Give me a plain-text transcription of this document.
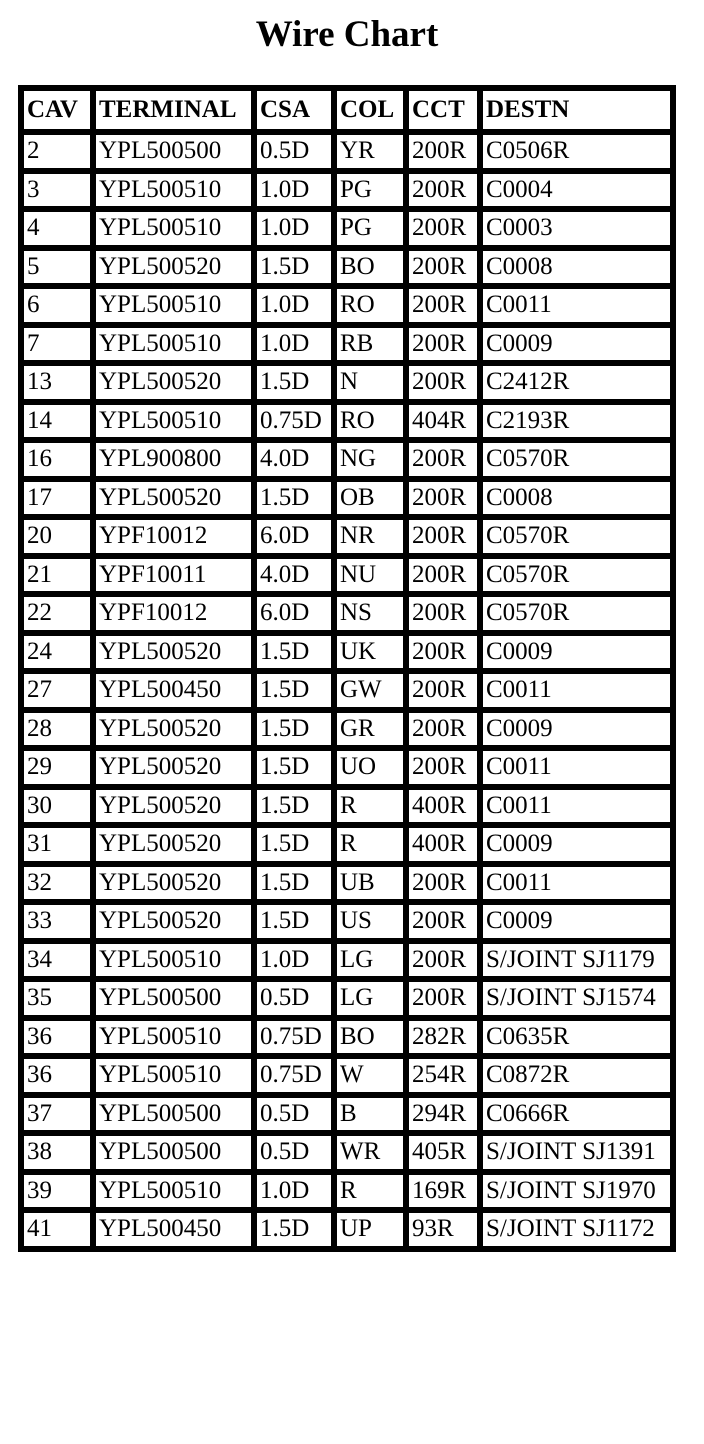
Wire Chart
CAV	TERMINAL	CSA	COL	CCT	DESTN
2	YPL500500	0.5D	YR	200R	C0506R
3	YPL500510	1.0D	PG	200R	C0004
4	YPL500510	1.0D	PG	200R	C0003
5	YPL500520	1.5D	BO	200R	C0008
6	YPL500510	1.0D	RO	200R	C0011
7	YPL500510	1.0D	RB	200R	C0009
13	YPL500520	1.5D	N	200R	C2412R
14	YPL500510	0.75D	RO	404R	C2193R
16	YPL900800	4.0D	NG	200R	C0570R
17	YPL500520	1.5D	OB	200R	C0008
20	YPF10012	6.0D	NR	200R	C0570R
21	YPF10011	4.0D	NU	200R	C0570R
22	YPF10012	6.0D	NS	200R	C0570R
24	YPL500520	1.5D	UK	200R	C0009
27	YPL500450	1.5D	GW	200R	C0011
28	YPL500520	1.5D	GR	200R	C0009
29	YPL500520	1.5D	UO	200R	C0011
30	YPL500520	1.5D	R	400R	C0011
31	YPL500520	1.5D	R	400R	C0009
32	YPL500520	1.5D	UB	200R	C0011
33	YPL500520	1.5D	US	200R	C0009
34	YPL500510	1.0D	LG	200R	S/JOINT SJ1179
35	YPL500500	0.5D	LG	200R	S/JOINT SJ1574
36	YPL500510	0.75D	BO	282R	C0635R
36	YPL500510	0.75D	W	254R	C0872R
37	YPL500500	0.5D	B	294R	C0666R
38	YPL500500	0.5D	WR	405R	S/JOINT SJ1391
39	YPL500510	1.0D	R	169R	S/JOINT SJ1970
41	YPL500450	1.5D	UP	93R	S/JOINT SJ1172
